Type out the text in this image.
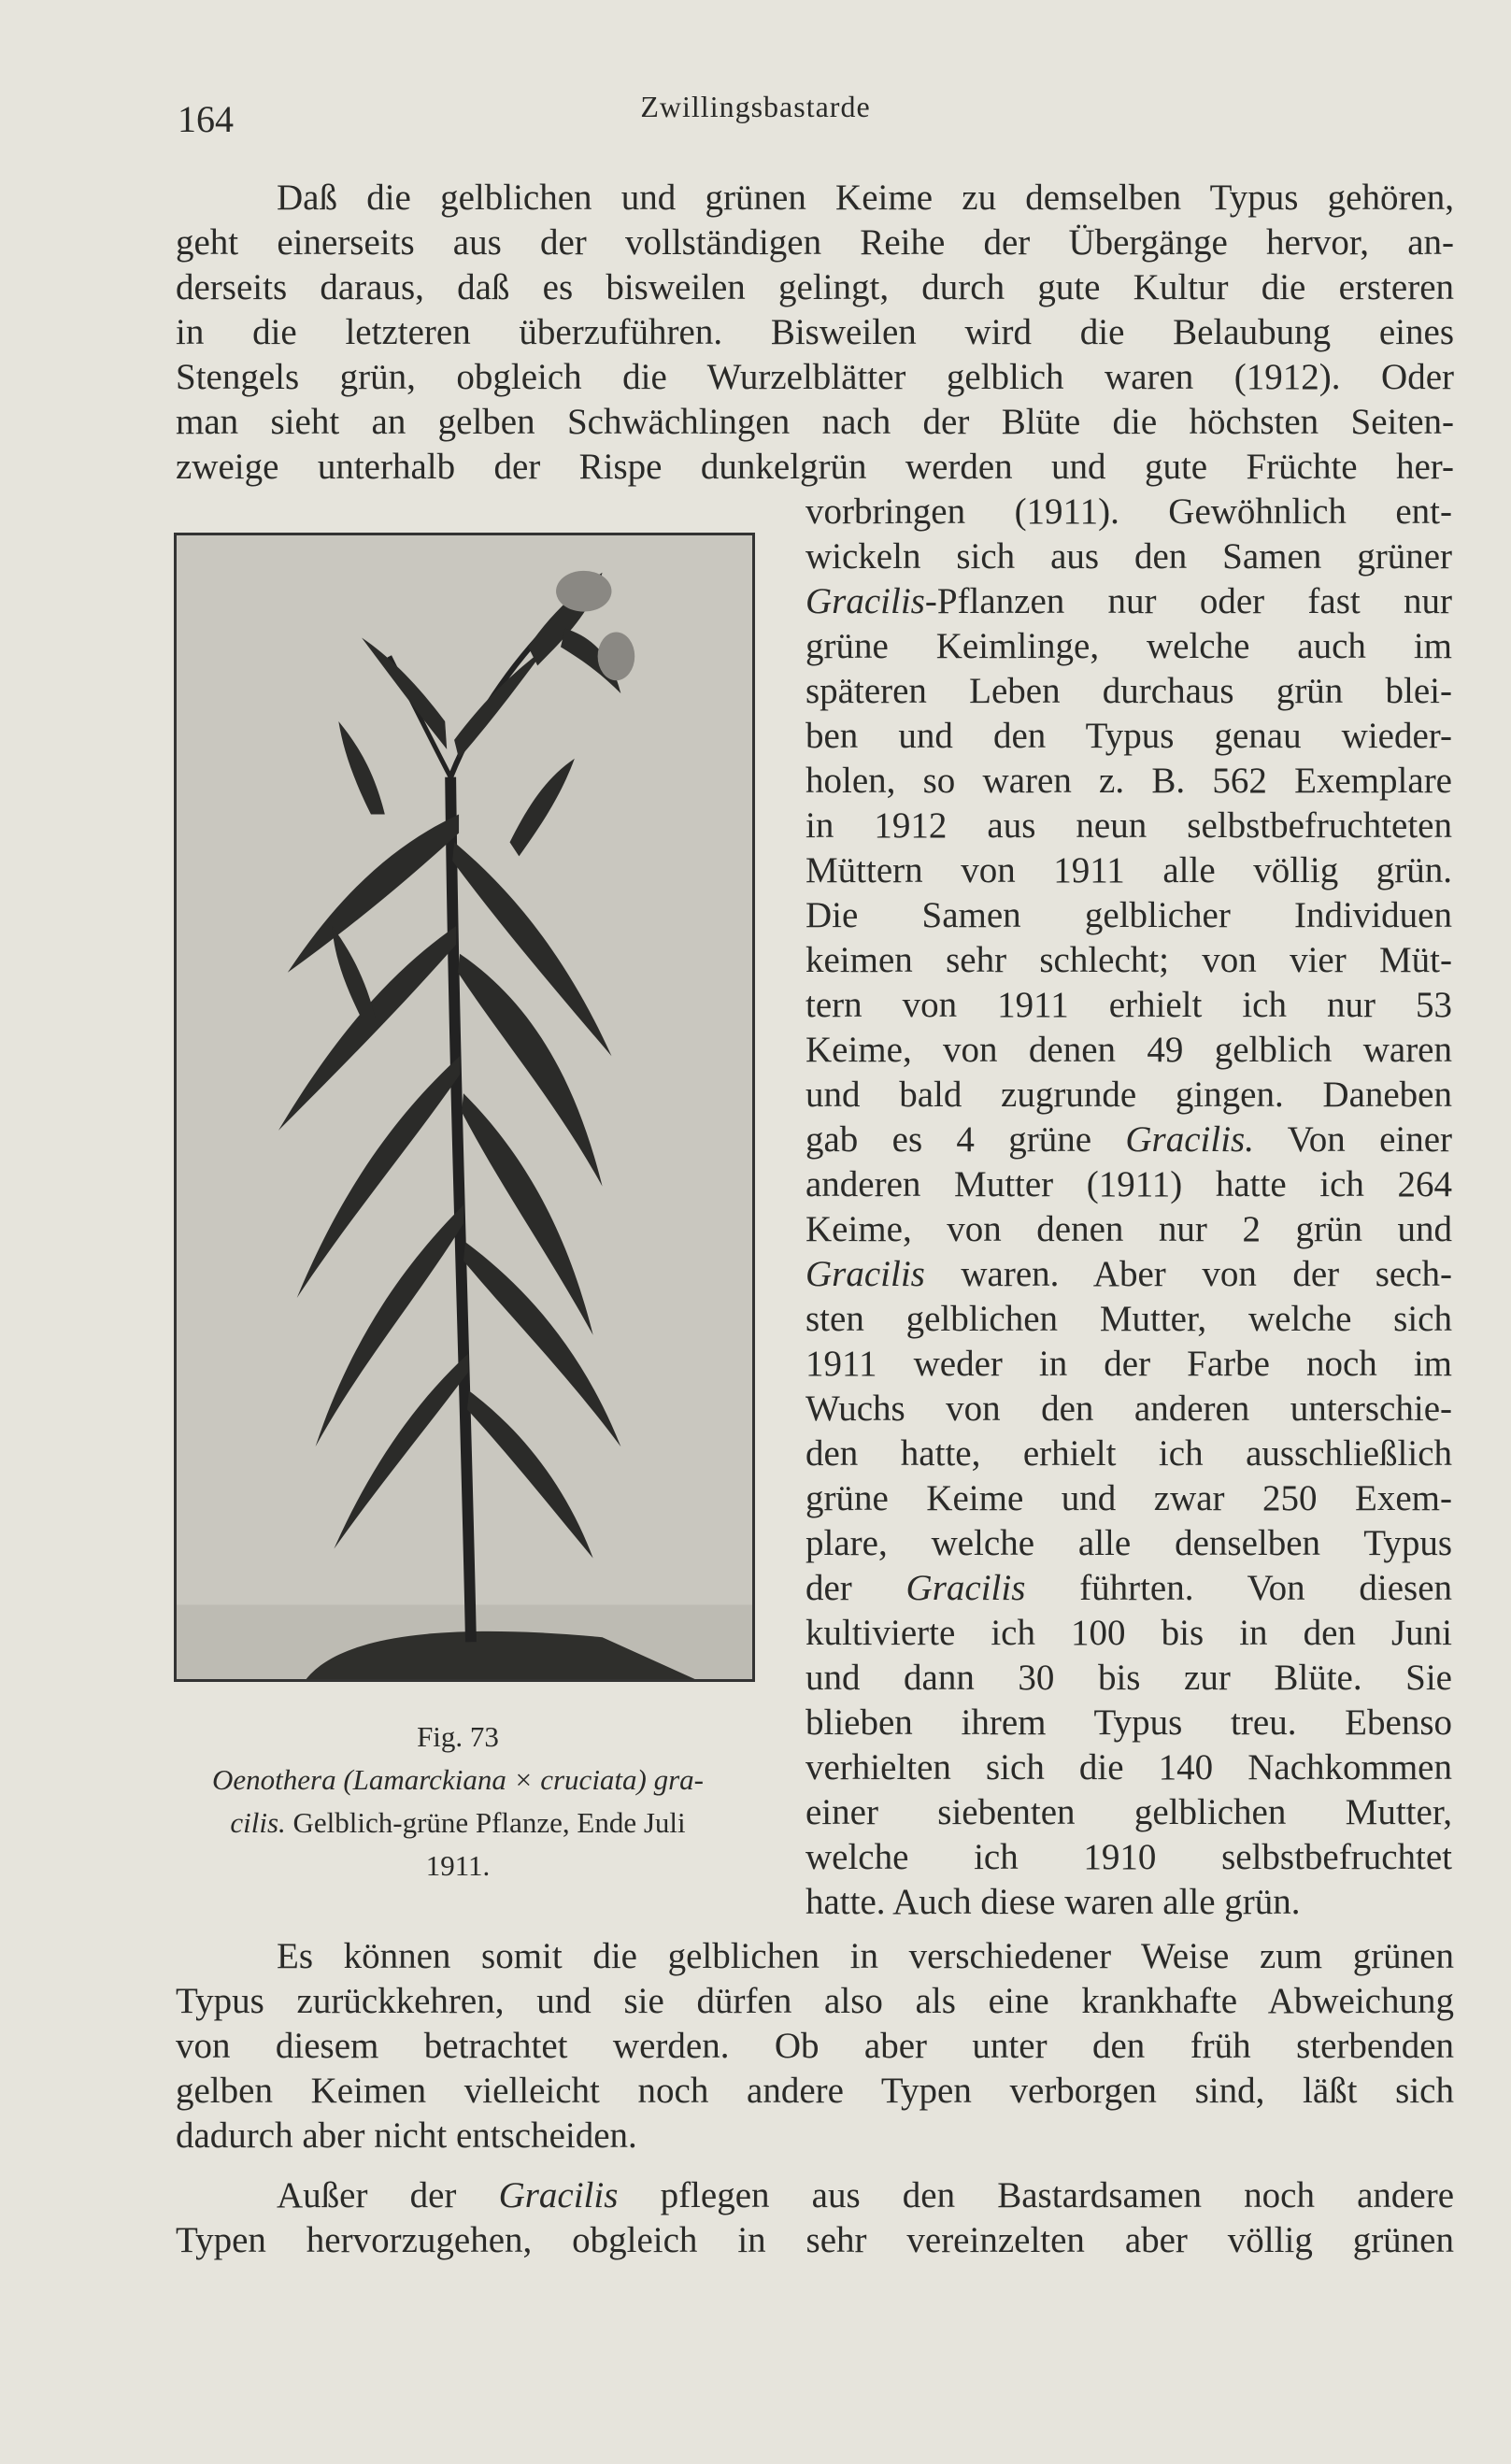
164	Zwillingsbastarde
Daß die gelblichen und grünen Keime zu demselben Typus gehören,
geht einerseits aus der vollständigen Reihe der Übergänge hervor, an-
derseits daraus, daß es bisweilen gelingt, durch gute Kultur die ersteren
in die letzteren überzuführen. Bisweilen wird die Belaubung eines
Stengels grün, obgleich die Wurzelblätter gelblich waren (1912). Oder
man sieht an gelben Schwächlingen nach der Blüte die höchsten Seiten-
zweige unterhalb der Rispe dunkelgrün werden und gute Früchte her-
vorbringen (1911). Gewöhnlich ent-
wickeln sich aus den Samen grüner
Gracilis-Pflanzen nur oder fast nur
grüne Keimlinge, welche auch im
späteren Leben durchaus grün blei-
ben und den Typus genau wieder-
holen, so waren z. B. 562 Exemplare
in 1912 aus neun selbstbefruchteten
Müttern von 1911 alle völlig grün.
Die Samen gelblicher Individuen
keimen sehr schlecht; von vier Müt-
tern von 1911 erhielt ich nur 53
Keime, von denen 49 gelblich waren
und bald zugrunde gingen. Daneben
gab es 4 grüne Gracilis. Von einer
anderen Mutter (1911) hatte ich 264
Keime, von denen nur 2 grün und
Gracilis waren. Aber von der sech-
sten gelblichen Mutter, welche sich
1911 weder in der Farbe noch im
Wuchs von den anderen unterschie-
den hatte, erhielt ich ausschließlich
grüne Keime und zwar 250 Exem-
plare, welche alle denselben Typus
der Gracilis führten. Von diesen
kultivierte ich 100 bis in den Juni
und dann 30 bis zur Blüte. Sie
blieben ihrem Typus treu. Ebenso
verhielten sich die 140 Nachkommen
einer siebenten gelblichen Mutter,
welche ich 1910 selbstbefruchtet
hatte. Auch diese waren alle grün.
Fig. 73
Oenothera (Lamarckiana × cruciata) gra-
cilis. Gelblich-grüne Pflanze, Ende Juli
1911.
Es können somit die gelblichen in verschiedener Weise zum grünen
Typus zurückkehren, und sie dürfen also als eine krankhafte Abweichung
von diesem betrachtet werden. Ob aber unter den früh sterbenden
gelben Keimen vielleicht noch andere Typen verborgen sind, läßt sich
dadurch aber nicht entscheiden.
Außer der Gracilis pflegen aus den Bastardsamen noch andere
Typen hervorzugehen, obgleich in sehr vereinzelten aber völlig grünen
